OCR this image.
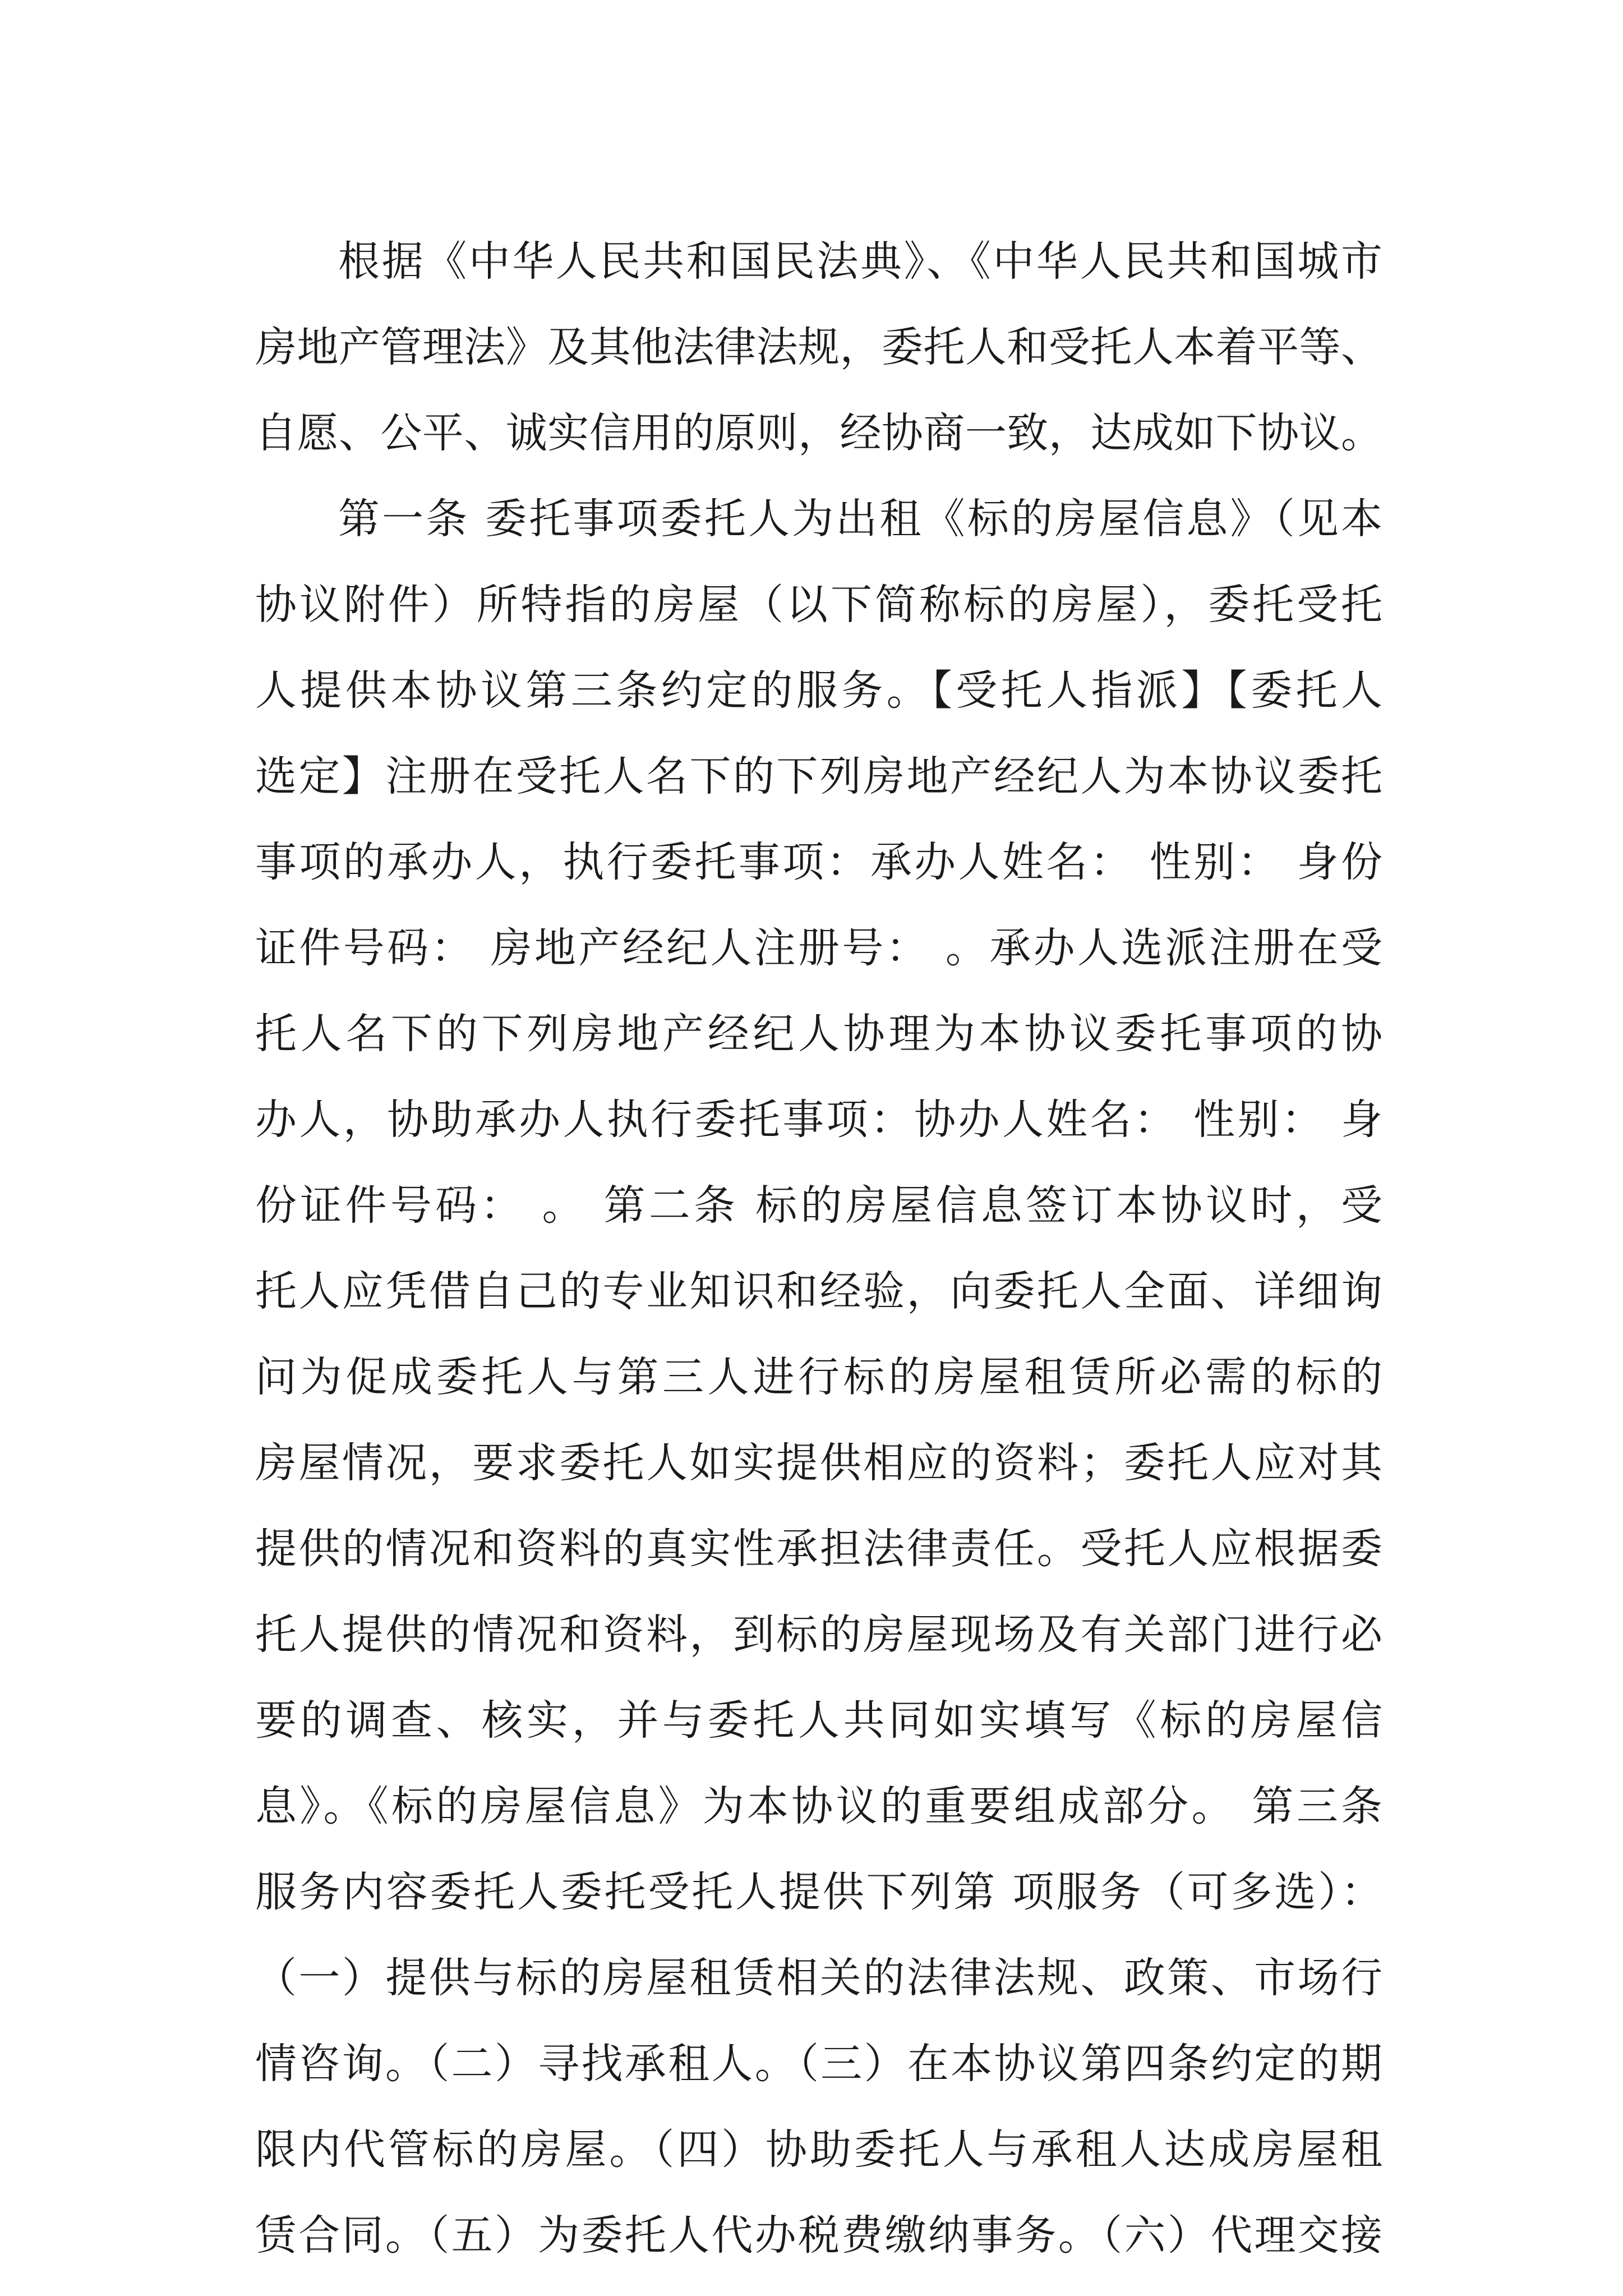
根据《中华人民共和国民法典》、《中华人民共和国城市
房地产管理法》及其他法律法规，委托人和受托人本着平等、
自愿、公平、诚实信用的原则，经协商一致，达成如下协议。
第一条 委托事项委托人为出租《标的房屋信息》（见本
协议附件）所特指的房屋（以下简称标的房屋），委托受托
人提供本协议第三条约定的服务。【受托人指派】【委托人
选定】注册在受托人名下的下列房地产经纪人为本协议委托
事项的承办人，执行委托事项：承办人姓名： 性别： 身份
证件号码： 房地产经纪人注册号： 。承办人选派注册在受
托人名下的下列房地产经纪人协理为本协议委托事项的协
办人，协助承办人执行委托事项：协办人姓名： 性别： 身
份证件号码： 。 第二条 标的房屋信息签订本协议时，受
托人应凭借自己的专业知识和经验，向委托人全面、详细询
问为促成委托人与第三人进行标的房屋租赁所必需的标的
房屋情况，要求委托人如实提供相应的资料；委托人应对其
提供的情况和资料的真实性承担法律责任。受托人应根据委
托人提供的情况和资料，到标的房屋现场及有关部门进行必
要的调查、核实，并与委托人共同如实填写《标的房屋信
息》。《标的房屋信息》为本协议的重要组成部分。 第三条
服务内容委托人委托受托人提供下列第 项服务（可多选）：
（一）提供与标的房屋租赁相关的法律法规、政策、市场行
情咨询。（二）寻找承租人。（三）在本协议第四条约定的期
限内代管标的房屋。（四）协助委托人与承租人达成房屋租
赁合同。（五）为委托人代办税费缴纳事务。（六）代理交接
